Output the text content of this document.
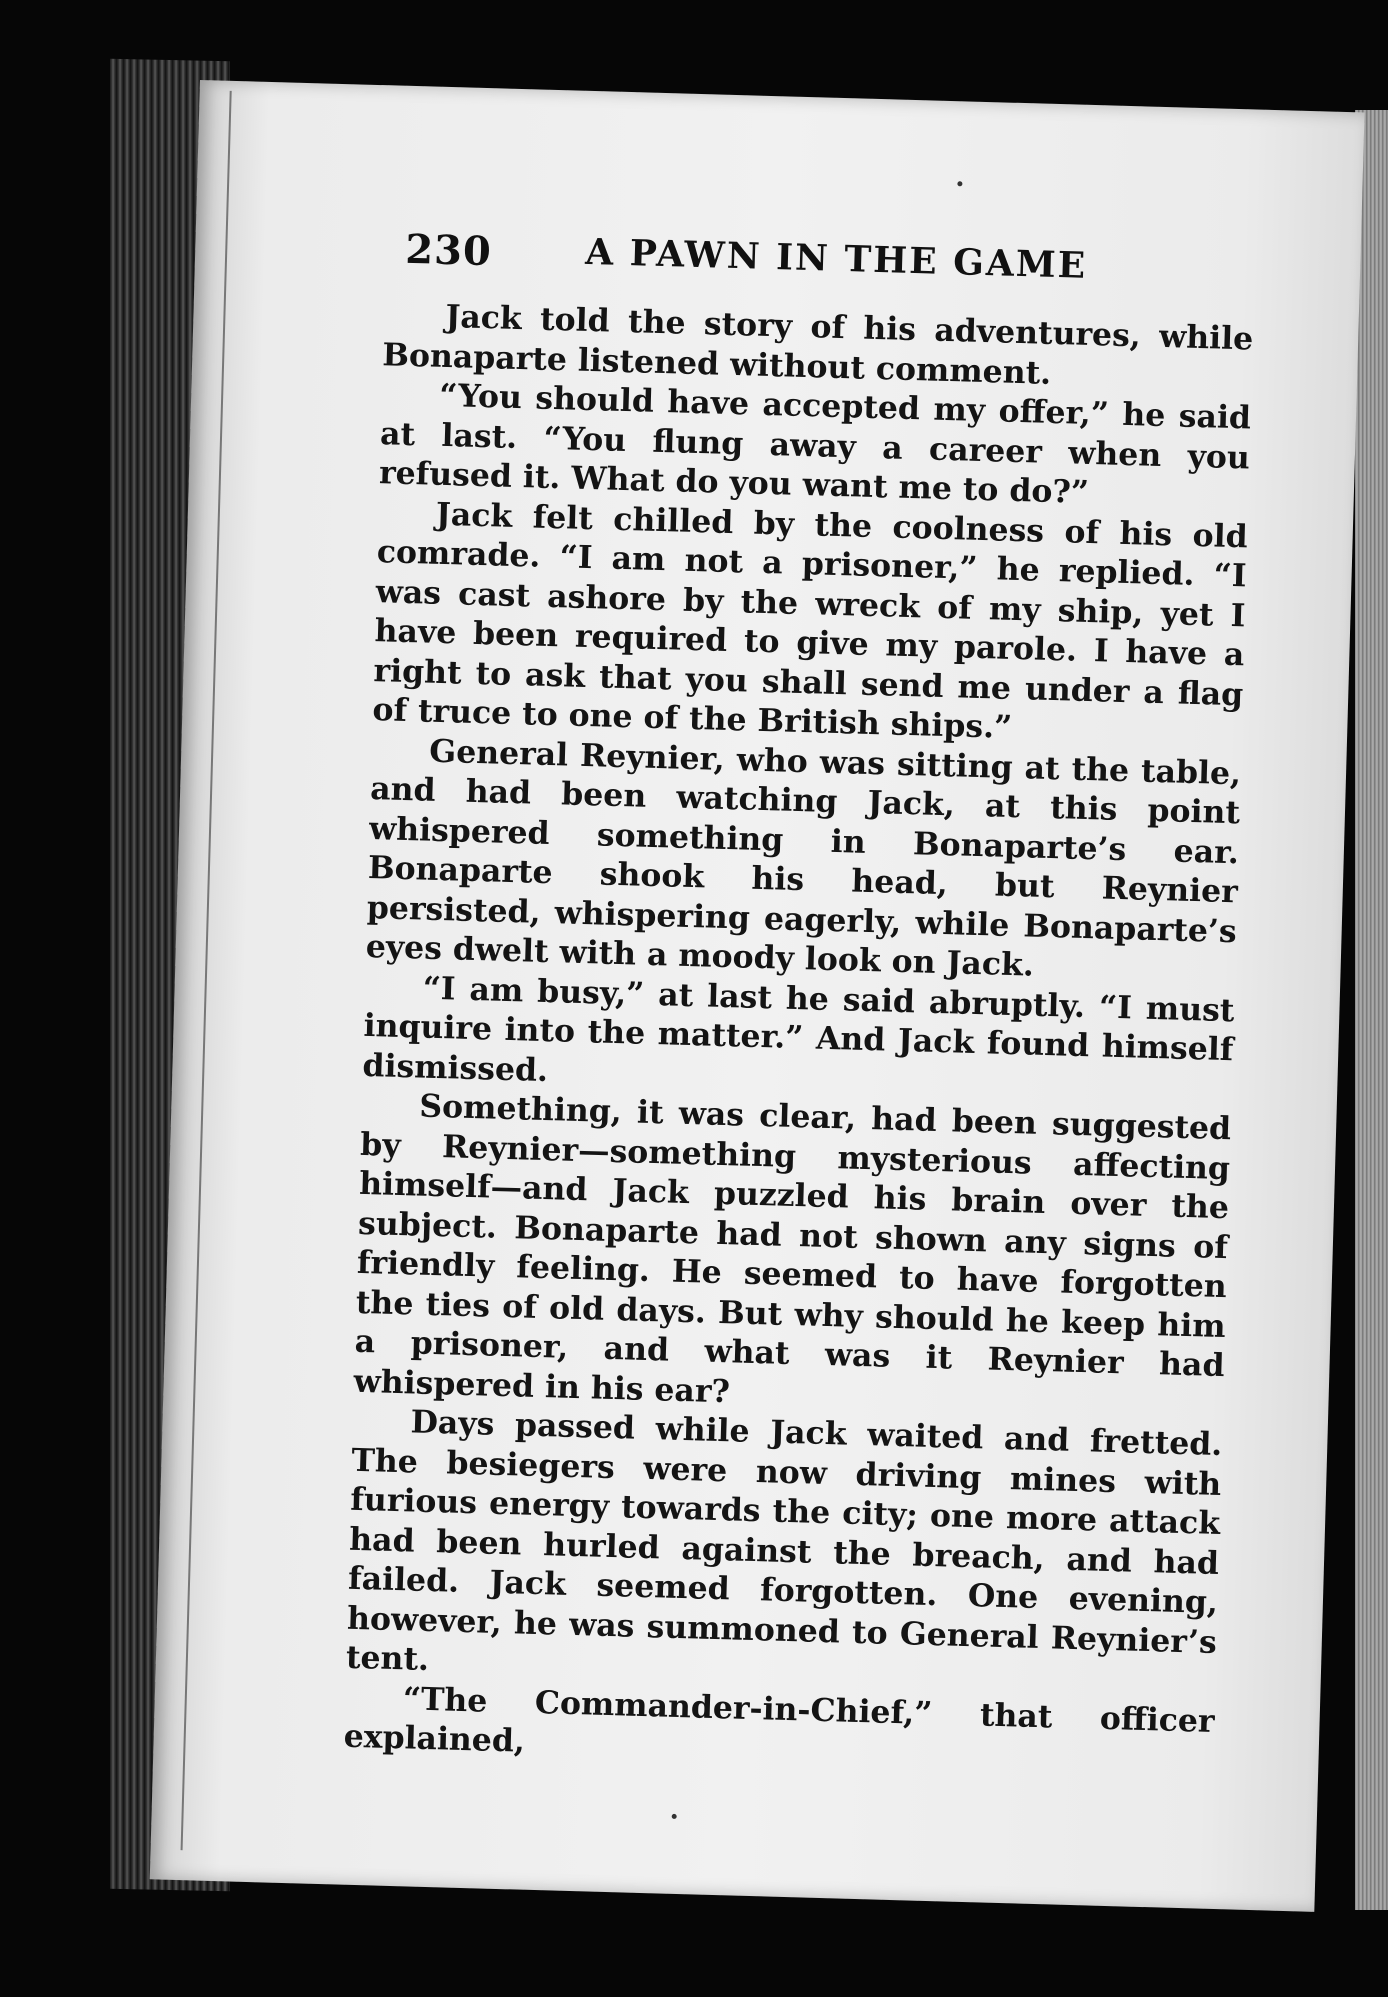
230	A PAWN IN THE GAME

Jack told the story of his adventures, while Bonaparte listened without comment.

“You should have accepted my offer,” he said at last. “You flung away a career when you refused it. What do you want me to do?”

Jack felt chilled by the coolness of his old comrade. “I am not a prisoner,” he replied. “I was cast ashore by the wreck of my ship, yet I have been required to give my parole. I have a right to ask that you shall send me under a flag of truce to one of the British ships.”

General Reynier, who was sitting at the table, and had been watching Jack, at this point whispered something in Bonaparte’s ear. Bonaparte shook his head, but Reynier persisted, whispering eagerly, while Bonaparte’s eyes dwelt with a moody look on Jack.

“I am busy,” at last he said abruptly. “I must inquire into the matter.” And Jack found himself dismissed.

Something, it was clear, had been suggested by Reynier—something mysterious affecting himself—and Jack puzzled his brain over the subject. Bonaparte had not shown any signs of friendly feeling. He seemed to have forgotten the ties of old days. But why should he keep him a prisoner, and what was it Reynier had whispered in his ear?

Days passed while Jack waited and fretted. The besiegers were now driving mines with furious energy towards the city; one more attack had been hurled against the breach, and had failed. Jack seemed forgotten. One evening, however, he was summoned to General Reynier’s tent.

“The Commander-in-Chief,” that officer explained,
